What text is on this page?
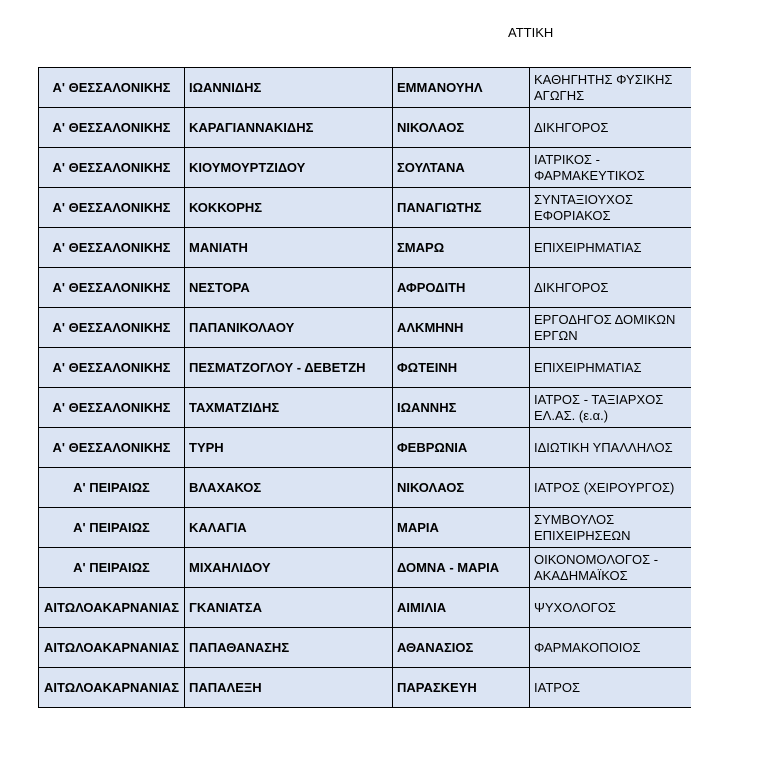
ΑΤΤΙΚΗ
Α' ΘΕΣΣΑΛΟΝΙΚΗΣ	ΙΩΑΝΝΙΔΗΣ	ΕΜΜΑΝΟΥΗΛ	ΚΑΘΗΓΗΤΗΣ ΦΥΣΙΚΗΣ ΑΓΩΓΗΣ
Α' ΘΕΣΣΑΛΟΝΙΚΗΣ	ΚΑΡΑΓΙΑΝΝΑΚΙΔΗΣ	ΝΙΚΟΛΑΟΣ	ΔΙΚΗΓΟΡΟΣ
Α' ΘΕΣΣΑΛΟΝΙΚΗΣ	ΚΙΟΥΜΟΥΡΤΖΙΔΟΥ	ΣΟΥΛΤΑΝΑ	ΙΑΤΡΙΚΟΣ - ΦΑΡΜΑΚΕΥΤΙΚΟΣ
Α' ΘΕΣΣΑΛΟΝΙΚΗΣ	ΚΟΚΚΟΡΗΣ	ΠΑΝΑΓΙΩΤΗΣ	ΣΥΝΤΑΞΙΟΥΧΟΣ ΕΦΟΡΙΑΚΟΣ
Α' ΘΕΣΣΑΛΟΝΙΚΗΣ	ΜΑΝΙΑΤΗ	ΣΜΑΡΩ	ΕΠΙΧΕΙΡΗΜΑΤΙΑΣ
Α' ΘΕΣΣΑΛΟΝΙΚΗΣ	ΝΕΣΤΟΡΑ	ΑΦΡΟΔΙΤΗ	ΔΙΚΗΓΟΡΟΣ
Α' ΘΕΣΣΑΛΟΝΙΚΗΣ	ΠΑΠΑΝΙΚΟΛΑΟΥ	ΑΛΚΜΗΝΗ	ΕΡΓΟΔΗΓΟΣ ΔΟΜΙΚΩΝ ΕΡΓΩΝ
Α' ΘΕΣΣΑΛΟΝΙΚΗΣ	ΠΕΣΜΑΤΖΟΓΛΟΥ - ΔΕΒΕΤΖΗ	ΦΩΤΕΙΝΗ	ΕΠΙΧΕΙΡΗΜΑΤΙΑΣ
Α' ΘΕΣΣΑΛΟΝΙΚΗΣ	ΤΑΧΜΑΤΖΙΔΗΣ	ΙΩΑΝΝΗΣ	ΙΑΤΡΟΣ - ΤΑΞΙΑΡΧΟΣ ΕΛ.ΑΣ. (ε.α.)
Α' ΘΕΣΣΑΛΟΝΙΚΗΣ	ΤΥΡΗ	ΦΕΒΡΩΝΙΑ	ΙΔΙΩΤΙΚΗ ΥΠΑΛΛΗΛΟΣ
Α' ΠΕΙΡΑΙΩΣ	ΒΛΑΧΑΚΟΣ	ΝΙΚΟΛΑΟΣ	ΙΑΤΡΟΣ (ΧΕΙΡΟΥΡΓΟΣ)
Α' ΠΕΙΡΑΙΩΣ	ΚΑΛΑΓΙΑ	ΜΑΡΙΑ	ΣΥΜΒΟΥΛΟΣ ΕΠΙΧΕΙΡΗΣΕΩΝ
Α' ΠΕΙΡΑΙΩΣ	ΜΙΧΑΗΛΙΔΟΥ	ΔΟΜΝΑ - ΜΑΡΙΑ	ΟΙΚΟΝΟΜΟΛΟΓΟΣ - ΑΚΑΔΗΜΑΪΚΟΣ
ΑΙΤΩΛΟΑΚΑΡΝΑΝΙΑΣ	ΓΚΑΝΙΑΤΣΑ	ΑΙΜΙΛΙΑ	ΨΥΧΟΛΟΓΟΣ
ΑΙΤΩΛΟΑΚΑΡΝΑΝΙΑΣ	ΠΑΠΑΘΑΝΑΣΗΣ	ΑΘΑΝΑΣΙΟΣ	ΦΑΡΜΑΚΟΠΟΙΟΣ
ΑΙΤΩΛΟΑΚΑΡΝΑΝΙΑΣ	ΠΑΠΑΛΕΞΗ	ΠΑΡΑΣΚΕΥΗ	ΙΑΤΡΟΣ
